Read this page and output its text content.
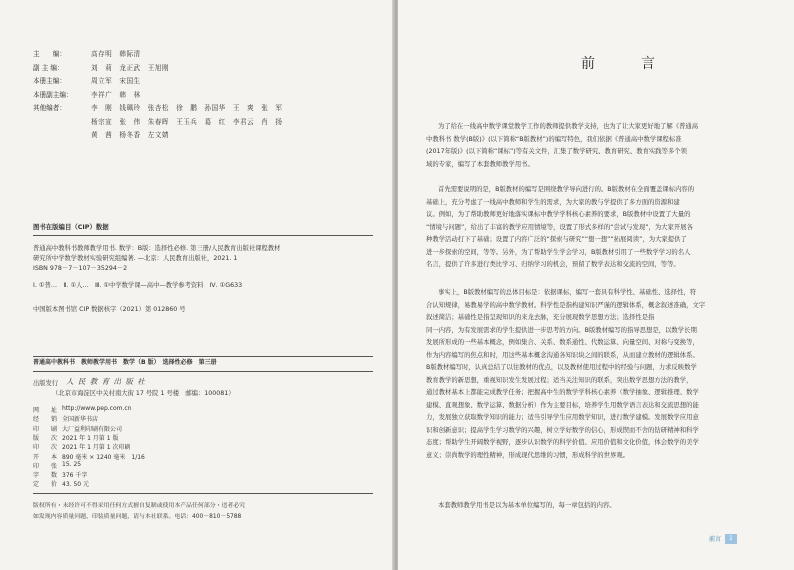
主　　编：	高存明　韩际清
副 主 编：	刘　莉　龙正武　王旭刚
本册主编：	周立军　宋国生
本册副主编：	李祥广　韩　林
其他编者：	李　刚　钱珮玲　张杏松　徐　鹏　孙国华　王　爽　张　军
杨宗宣　张　伟　朱春晖　王玉兵　葛　红　李君云　肖　扬
黄　茜　杨冬香　左文婧
图书在版编目（CIP）数据
普通高中教科书教师教学用书. 数学：B版：选择性必修. 第三册/人民教育出版社课程教材
研究所中学数学教材实验研究组编著. —北京：人民教育出版社，2021. 1
ISBN 978－7－107－35294－2
Ⅰ. ①普…　Ⅱ. ①人…　Ⅲ. ①中学数学课—高中—教学参考资料　Ⅳ. ①G633
中国版本图书馆 CIP 数据核字（2021）第 012860 号
普通高中教科书　教师教学用书　数学（B 版）　选择性必修　第三册
出版发行 人 民 教 育 出 版 社
（北京市海淀区中关村南大街 17 号院 1 号楼　邮编：100081）
网　　址 http://www.pep.com.cn
经　　销 全国新华书店
印　　刷 大厂益利印刷有限公司
版　　次 2021 年 1 月第 1 版
印　　次 2021 年 1 月第 1 次印刷
开　　本 890 毫米 × 1240 毫米　1/16
印　　张 15. 25
字　　数 376 千字
定　　价 43. 50 元
版权所有・未经许可不得采用任何方式擅自复制或使用本产品任何部分・违者必究
如发现内容质量问题、印装质量问题，请与本社联系。电话：400－810－5788
前　言
为了给在一线高中数学课堂教学工作的教师提供教学支持，也为了让大家更好地了解《普通高
中教科书 数学(B版)》(以下简称“B版教材”)的编写特色，我们依据《普通高中数学课程标准
(2017年版)》(以下简称“课标”)等有关文件，汇集了数学研究、教育研究、教育实践等多个领
域的专家，编写了本套教师教学用书。
首先需要说明的是，B版教材的编写是围绕教学导向进行的。B版教材在全面覆盖课标内容的
基础上，充分考虑了一线高中教师和学生的需求，为大家的教与学提供了多方面的资源和建
议。例如，为了帮助教师更好地落实课标中教学学科核心素养的要求，B版教材中设置了大量的
“情境与问题”，给出了丰富的教学应用情境等，设置了形式多样的“尝试与发现”，为大家开展各
种教学活动打下了基础；设置了内容广泛的“探索与研究”“想一想”“拓展阅读”，为大家提供了
进一步探索的空间，等等。另外，为了帮助学生学会学习，B版教材引用了一些数学学习的名人
名言，提供了许多进行类比学习、归纳学习的机会，预留了数学表达和交流的空间，等等。
事实上，B版教材编写的总体目标是：依据课标，编写一套具有科学性、基础性、选择性，符
合认知规律，易教易学的高中数学教材。科学性是指构建知识严谨的逻辑体系，概念叙述准确，文字
叙述简洁；基础性是指呈现知识的来龙去脉，充分展现数学思想方法；选择性是指
同一内容，为有发展需求的学生提供进一步思考的方向。B版教材编写的指导思想是，以数学长期
发展所形成的一些基本概念，例如集合、关系、数系通性、代数运算、向量空间、对称与变换等，
作为内容编写的焦点和时，用这些基本概念沟通各知识块之间的联系，从而建立教材的逻辑体系。
B版教材编写时，认真总结了以往教材的优点，以及教材使用过程中的经验与问题，力求反映数学
教育教学的新思想，重视知识发生发展过程；适当关注知识的联系，突出数学思想方法的教学，
通过教材基本上都能完成教学任务；把握高中生的数学学科核心素养（数学抽象、逻辑推理、数学
建模、直观想象、数学运算、数据分析）作为主要目标，培养学生用数学语言表达和交流思想的能
力，发展独立获取数学知识的能力；适当引导学生应用数学知识，进行数学建模。发展数学应用意
识和创新意识；提高学生学习数学的兴趣，树立学好数学的信心，形成锲而不舍的钻研精神和科学
态度；帮助学生开阔数学视野，逐步认识数学的科学价值、应用价值和文化价值，体会数学的美学
意义；崇尚数学的理性精神，形成现代思维的习惯，形成科学的世界观。
本套教师教学用书是以为基本单位编写的，每一章包括的内容。
前言	1
